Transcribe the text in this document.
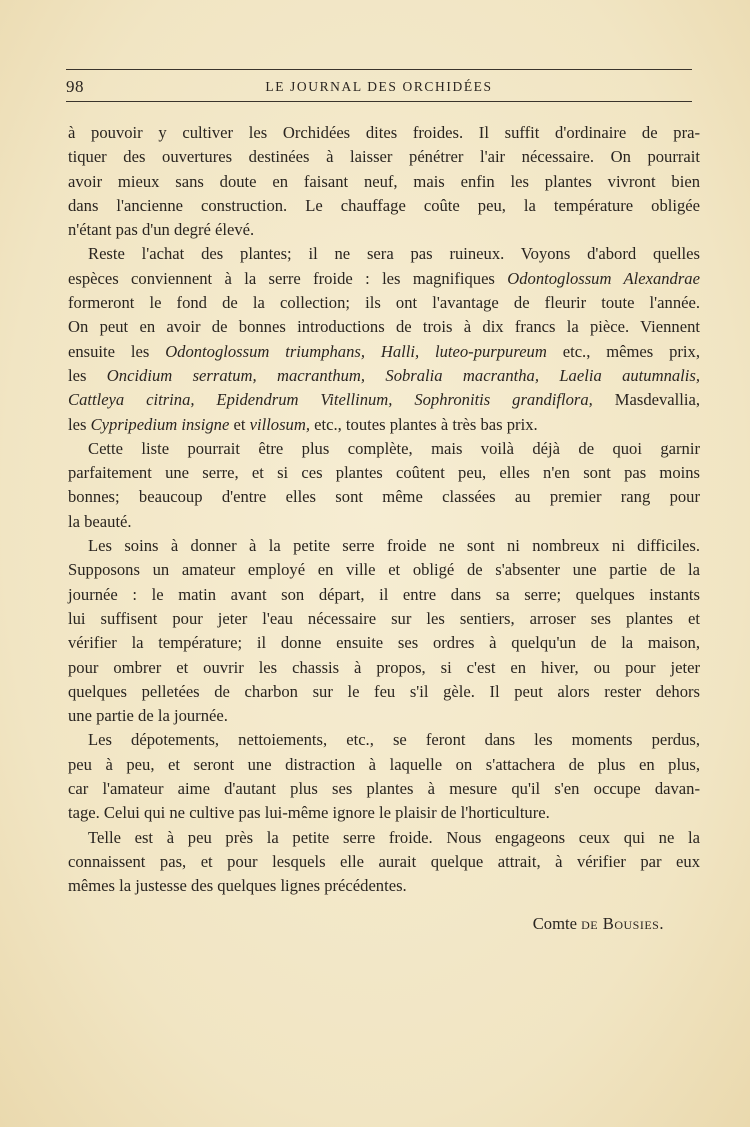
98	LE JOURNAL DES ORCHIDÉES

à pouvoir y cultiver les Orchidées dites froides. Il suffit d'ordinaire de pra-
tiquer des ouvertures destinées à laisser pénétrer l'air nécessaire. On pourrait
avoir mieux sans doute en faisant neuf, mais enfin les plantes vivront bien
dans l'ancienne construction. Le chauffage coûte peu, la température obligée
n'étant pas d'un degré élevé.

Reste l'achat des plantes; il ne sera pas ruineux. Voyons d'abord quelles
espèces conviennent à la serre froide : les magnifiques Odontoglossum Alexandrae
formeront le fond de la collection; ils ont l'avantage de fleurir toute l'année.
On peut en avoir de bonnes introductions de trois à dix francs la pièce. Viennent
ensuite les Odontoglossum triumphans, Halli, luteo-purpureum etc., mêmes prix,
les Oncidium serratum, macranthum, Sobralia macrantha, Laelia autumnalis,
Cattleya citrina, Epidendrum Vitellinum, Sophronitis grandiflora, Masdevallia,
les Cypripedium insigne et villosum, etc., toutes plantes à très bas prix.

Cette liste pourrait être plus complète, mais voilà déjà de quoi garnir
parfaitement une serre, et si ces plantes coûtent peu, elles n'en sont pas moins
bonnes; beaucoup d'entre elles sont même classées au premier rang pour
la beauté.

Les soins à donner à la petite serre froide ne sont ni nombreux ni difficiles.
Supposons un amateur employé en ville et obligé de s'absenter une partie de la
journée : le matin avant son départ, il entre dans sa serre; quelques instants
lui suffisent pour jeter l'eau nécessaire sur les sentiers, arroser ses plantes et
vérifier la température; il donne ensuite ses ordres à quelqu'un de la maison,
pour ombrer et ouvrir les chassis à propos, si c'est en hiver, ou pour jeter
quelques pelletées de charbon sur le feu s'il gèle. Il peut alors rester dehors
une partie de la journée.

Les dépotements, nettoiements, etc., se feront dans les moments perdus,
peu à peu, et seront une distraction à laquelle on s'attachera de plus en plus,
car l'amateur aime d'autant plus ses plantes à mesure qu'il s'en occupe davan-
tage. Celui qui ne cultive pas lui-même ignore le plaisir de l'horticulture.

Telle est à peu près la petite serre froide. Nous engageons ceux qui ne la
connaissent pas, et pour lesquels elle aurait quelque attrait, à vérifier par eux
mêmes la justesse des quelques lignes précédentes.

Comte de Bousies.
